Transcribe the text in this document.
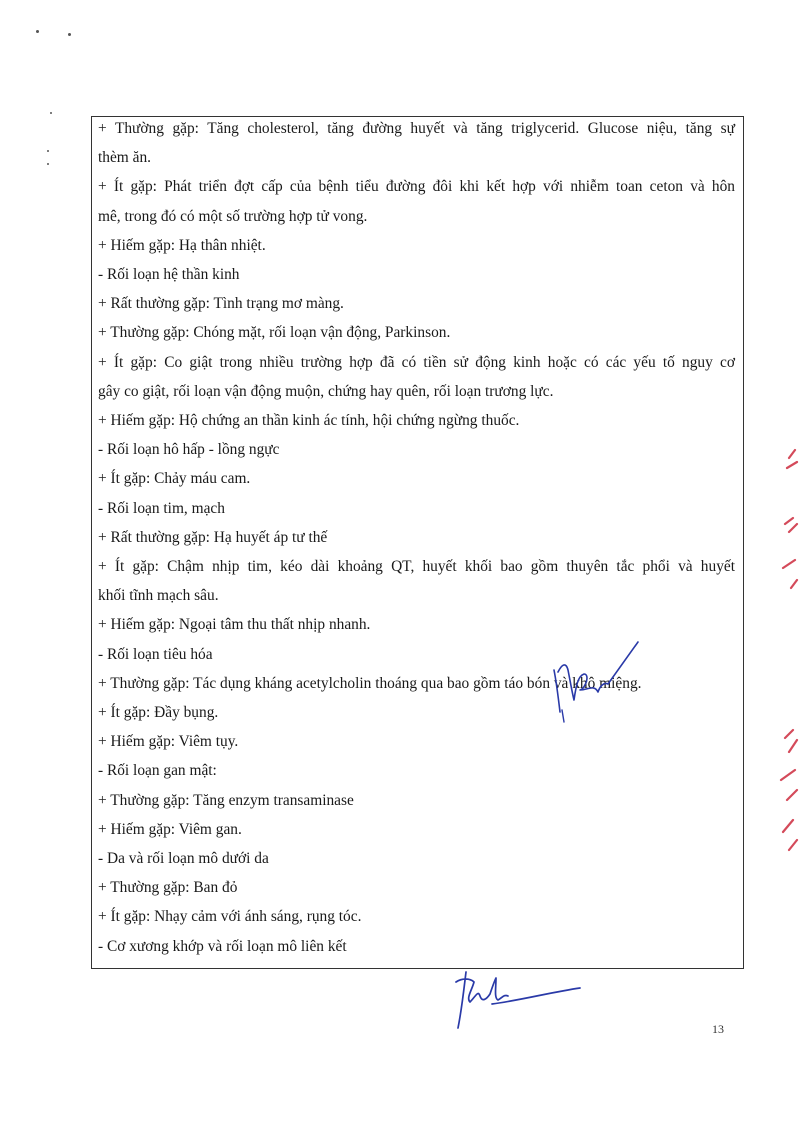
+ Thường gặp: Tăng cholesterol, tăng đường huyết và tăng triglycerid. Glucose niệu, tăng sự
thèm ăn.
+ Ít gặp: Phát triển đợt cấp của bệnh tiểu đường đôi khi kết hợp với nhiễm toan ceton và hôn
mê, trong đó có một số trường hợp tử vong.
+ Hiếm gặp: Hạ thân nhiệt.
- Rối loạn hệ thần kinh
+ Rất thường gặp: Tình trạng mơ màng.
+ Thường gặp: Chóng mặt, rối loạn vận động, Parkinson.
+ Ít gặp: Co giật trong nhiều trường hợp đã có tiền sử động kinh hoặc có các yếu tố nguy cơ
gây co giật, rối loạn vận động muộn, chứng hay quên, rối loạn trương lực.
+ Hiếm gặp: Hộ chứng an thần kinh ác tính, hội chứng ngừng thuốc.
- Rối loạn hô hấp - lồng ngực
+ Ít gặp: Chảy máu cam.
- Rối loạn tim, mạch
+ Rất thường gặp: Hạ huyết áp tư thế
+ Ít gặp: Chậm nhịp tim, kéo dài khoảng QT, huyết khối bao gồm thuyên tắc phổi và huyết
khối tĩnh mạch sâu.
+ Hiếm gặp: Ngoại tâm thu thất nhịp nhanh.
- Rối loạn tiêu hóa
+ Thường gặp: Tác dụng kháng acetylcholin thoáng qua bao gồm táo bón và khô miệng.
+ Ít gặp: Đầy bụng.
+ Hiếm gặp: Viêm tụy.
- Rối loạn gan mật:
+ Thường gặp: Tăng enzym transaminase
+ Hiếm gặp: Viêm gan.
- Da và rối loạn mô dưới da
+ Thường gặp: Ban đỏ
+ Ít gặp: Nhạy cảm với ánh sáng, rụng tóc.
- Cơ xương khớp và rối loạn mô liên kết
13
